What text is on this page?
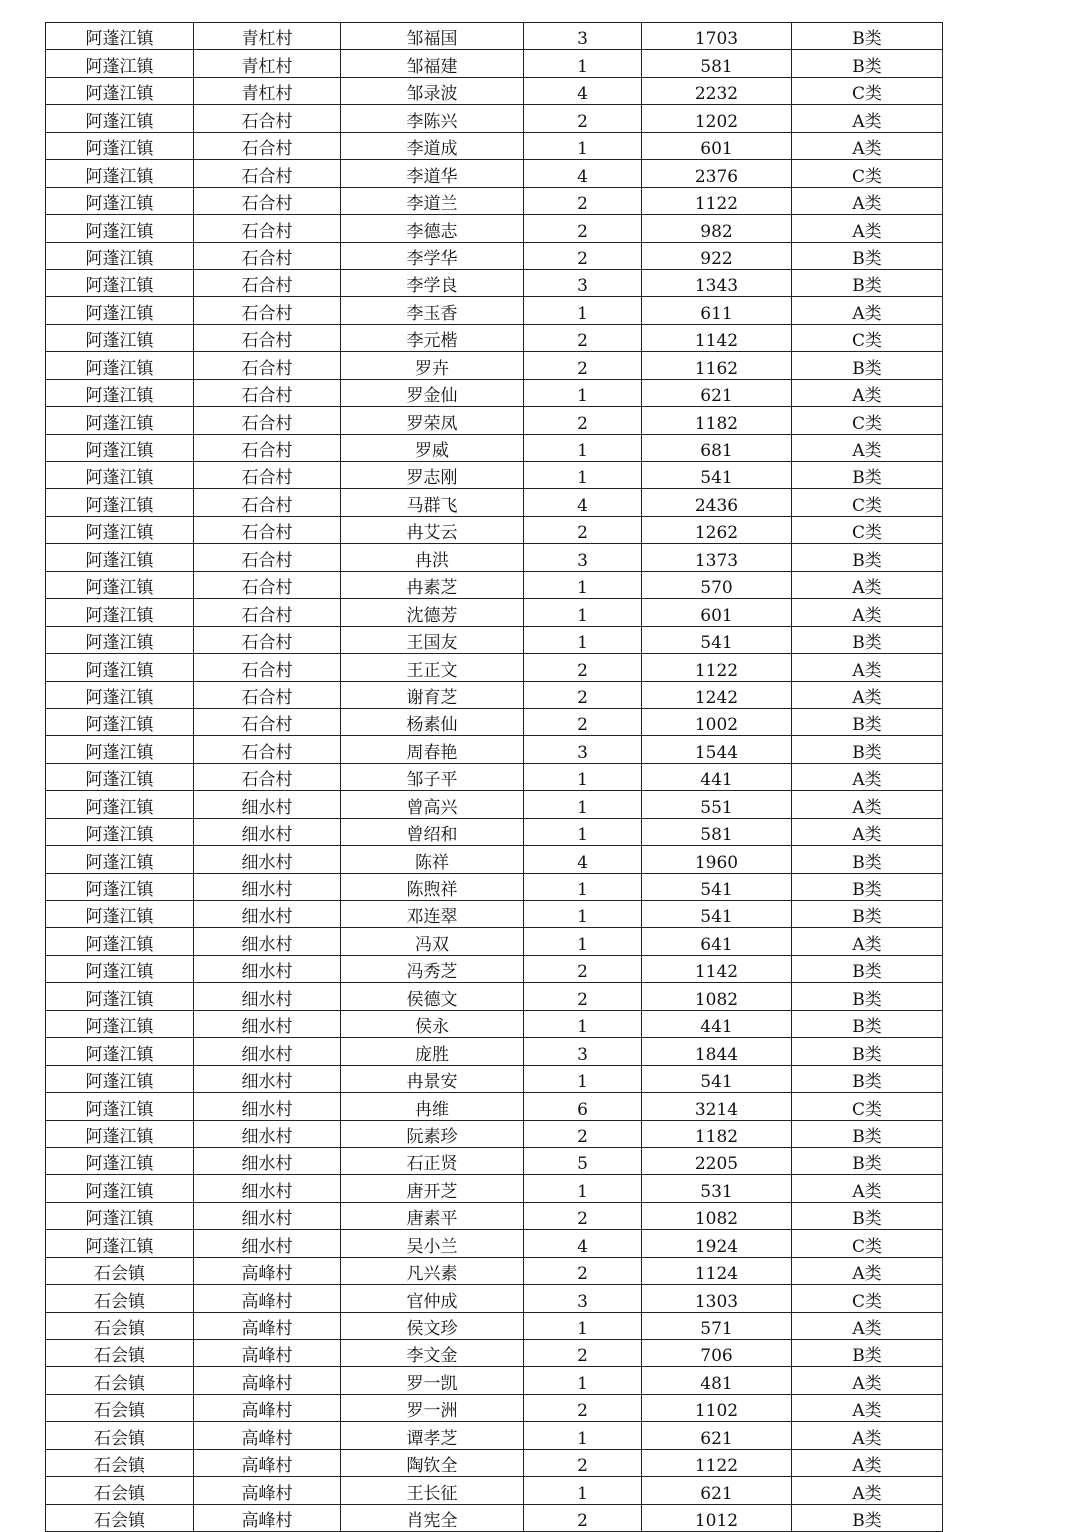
阿蓬江镇	青杠村	邹福国	3	1703	B类
阿蓬江镇	青杠村	邹福建	1	581	B类
阿蓬江镇	青杠村	邹录波	4	2232	C类
阿蓬江镇	石合村	李陈兴	2	1202	A类
阿蓬江镇	石合村	李道成	1	601	A类
阿蓬江镇	石合村	李道华	4	2376	C类
阿蓬江镇	石合村	李道兰	2	1122	A类
阿蓬江镇	石合村	李德志	2	982	A类
阿蓬江镇	石合村	李学华	2	922	B类
阿蓬江镇	石合村	李学良	3	1343	B类
阿蓬江镇	石合村	李玉香	1	611	A类
阿蓬江镇	石合村	李元楷	2	1142	C类
阿蓬江镇	石合村	罗卉	2	1162	B类
阿蓬江镇	石合村	罗金仙	1	621	A类
阿蓬江镇	石合村	罗荣凤	2	1182	C类
阿蓬江镇	石合村	罗威	1	681	A类
阿蓬江镇	石合村	罗志刚	1	541	B类
阿蓬江镇	石合村	马群飞	4	2436	C类
阿蓬江镇	石合村	冉艾云	2	1262	C类
阿蓬江镇	石合村	冉洪	3	1373	B类
阿蓬江镇	石合村	冉素芝	1	570	A类
阿蓬江镇	石合村	沈德芳	1	601	A类
阿蓬江镇	石合村	王国友	1	541	B类
阿蓬江镇	石合村	王正文	2	1122	A类
阿蓬江镇	石合村	谢育芝	2	1242	A类
阿蓬江镇	石合村	杨素仙	2	1002	B类
阿蓬江镇	石合村	周春艳	3	1544	B类
阿蓬江镇	石合村	邹子平	1	441	A类
阿蓬江镇	细水村	曾高兴	1	551	A类
阿蓬江镇	细水村	曾绍和	1	581	A类
阿蓬江镇	细水村	陈祥	4	1960	B类
阿蓬江镇	细水村	陈煦祥	1	541	B类
阿蓬江镇	细水村	邓连翠	1	541	B类
阿蓬江镇	细水村	冯双	1	641	A类
阿蓬江镇	细水村	冯秀芝	2	1142	B类
阿蓬江镇	细水村	侯德文	2	1082	B类
阿蓬江镇	细水村	侯永	1	441	B类
阿蓬江镇	细水村	庞胜	3	1844	B类
阿蓬江镇	细水村	冉景安	1	541	B类
阿蓬江镇	细水村	冉维	6	3214	C类
阿蓬江镇	细水村	阮素珍	2	1182	B类
阿蓬江镇	细水村	石正贤	5	2205	B类
阿蓬江镇	细水村	唐开芝	1	531	A类
阿蓬江镇	细水村	唐素平	2	1082	B类
阿蓬江镇	细水村	吴小兰	4	1924	C类
石会镇	高峰村	凡兴素	2	1124	A类
石会镇	高峰村	官仲成	3	1303	C类
石会镇	高峰村	侯文珍	1	571	A类
石会镇	高峰村	李文金	2	706	B类
石会镇	高峰村	罗一凯	1	481	A类
石会镇	高峰村	罗一洲	2	1102	A类
石会镇	高峰村	谭孝芝	1	621	A类
石会镇	高峰村	陶钦全	2	1122	A类
石会镇	高峰村	王长征	1	621	A类
石会镇	高峰村	肖宪全	2	1012	B类
